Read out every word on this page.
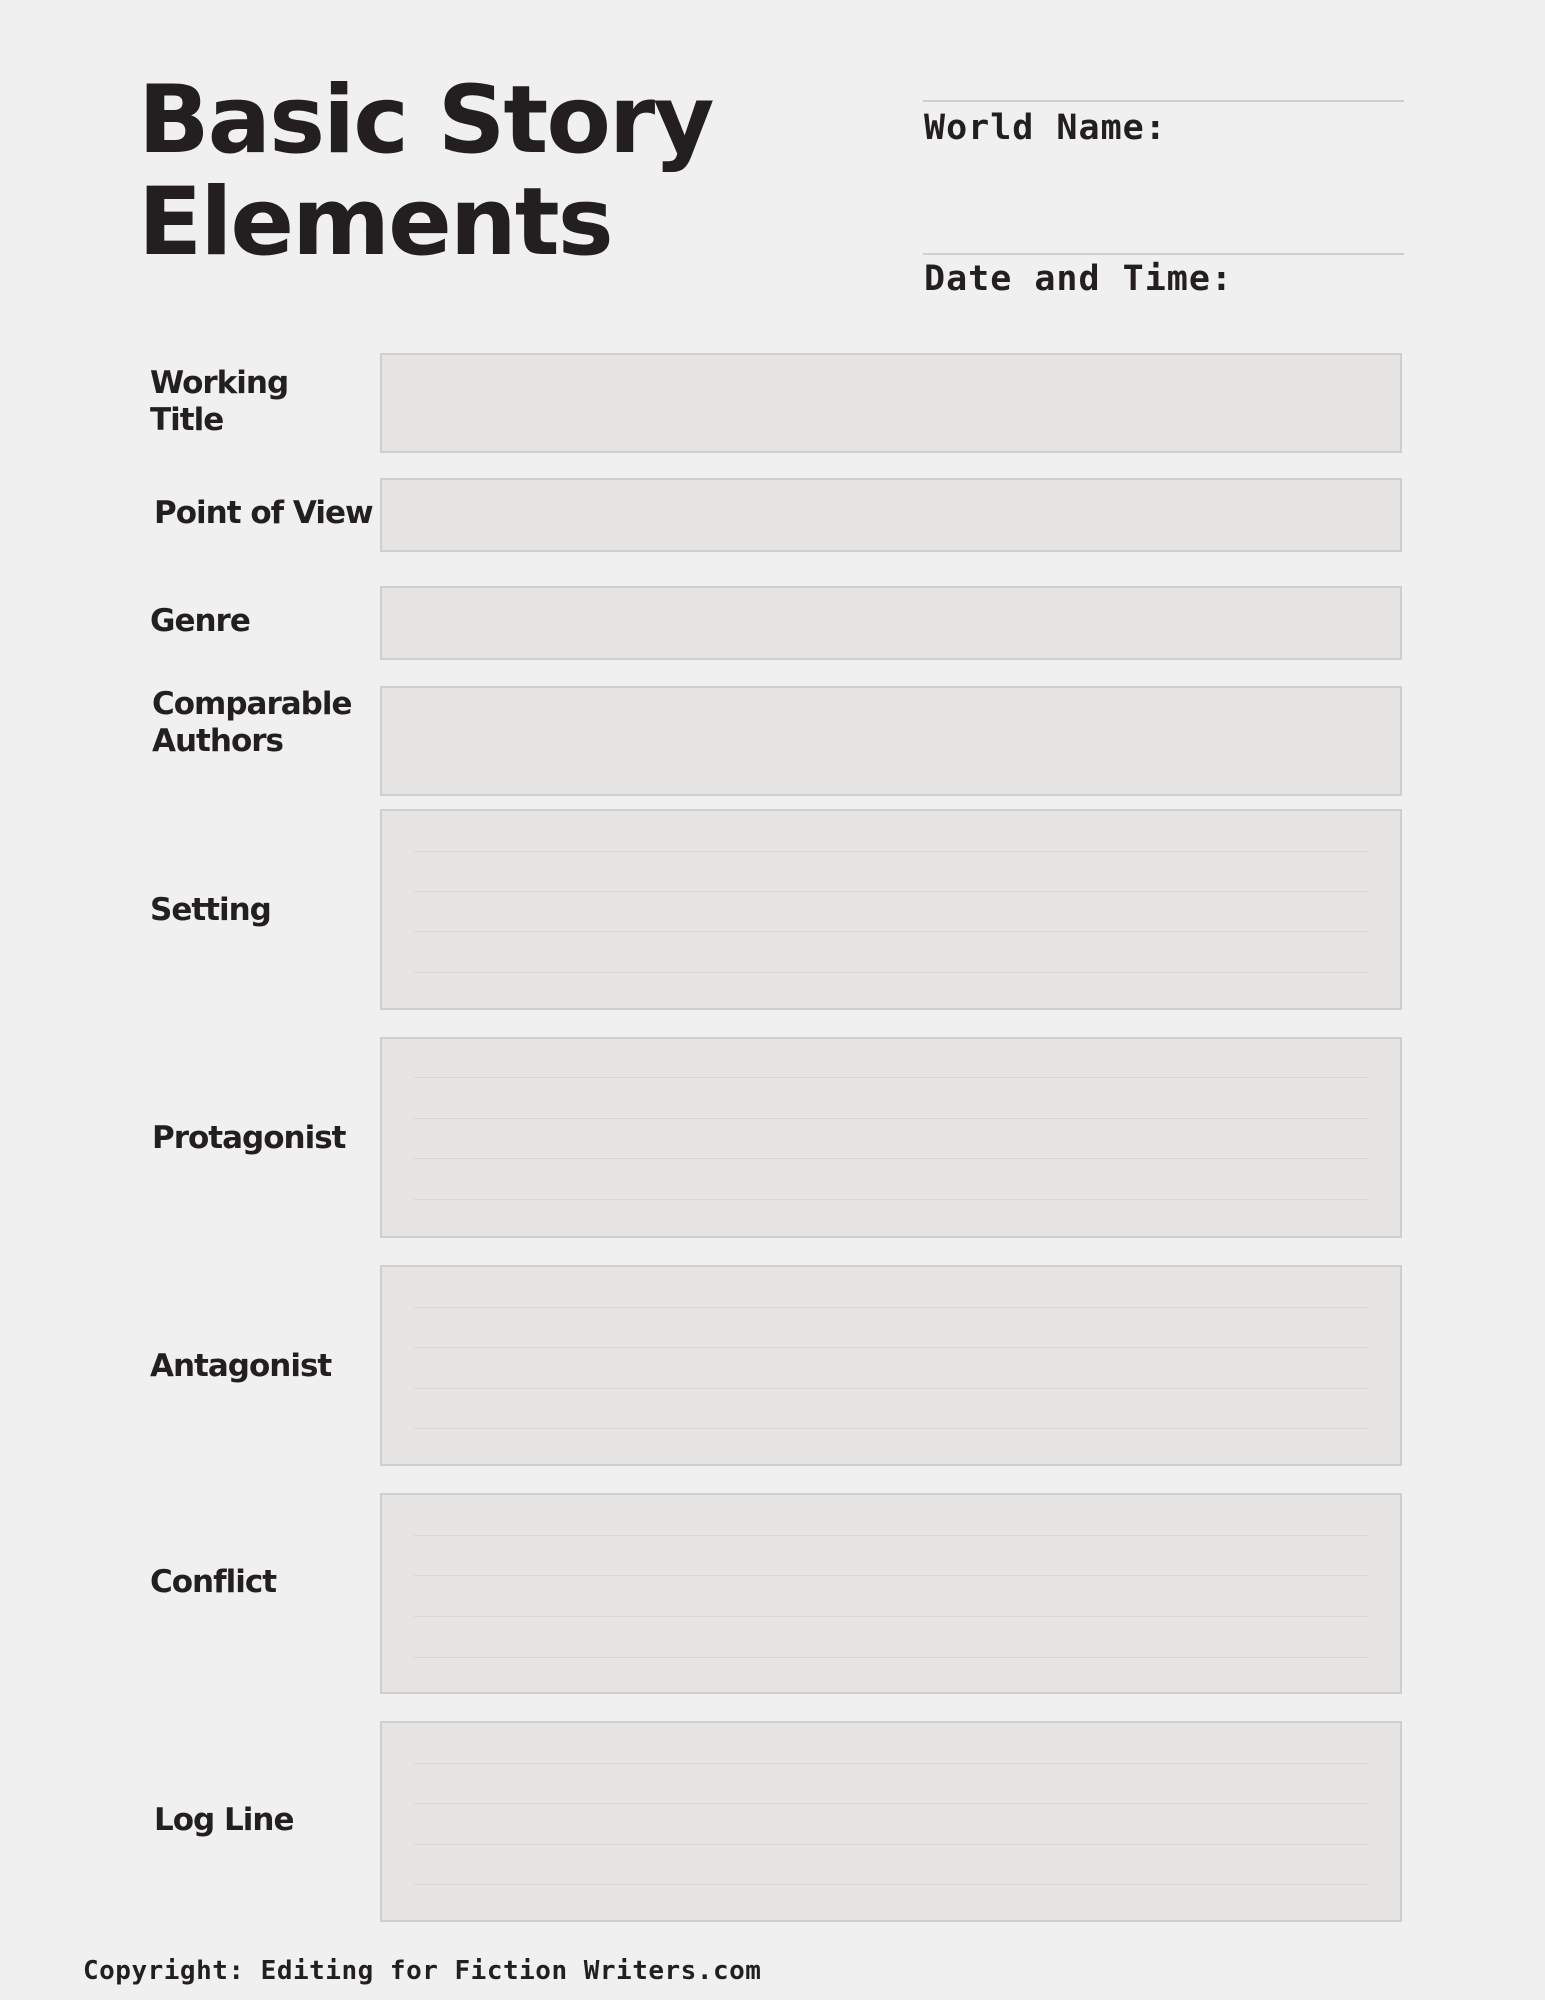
Basic Story Elements
World Name:
Date and Time:
Working Title
Point of View
Genre
Comparable Authors
Setting
Protagonist
Antagonist
Conflict
Log Line
Copyright: Editing for Fiction Writers.com
